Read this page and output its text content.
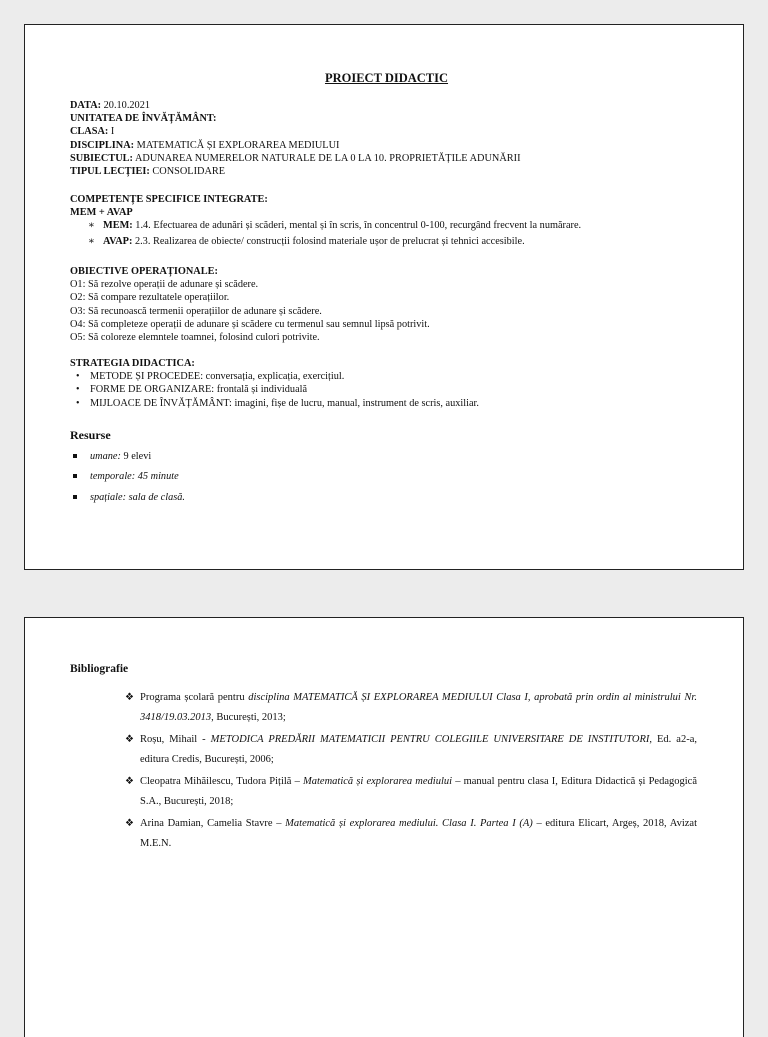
PROIECT DIDACTIC
DATA: 20.10.2021
UNITATEA DE ÎNVĂȚĂMÂNT:
CLASA: I
DISCIPLINA: MATEMATICĂ ȘI EXPLORAREA MEDIULUI
SUBIECTUL: ADUNAREA NUMERELOR NATURALE DE LA 0 LA 10. PROPRIETĂȚILE ADUNĂRII
TIPUL LECȚIEI: CONSOLIDARE
COMPETENȚE SPECIFICE INTEGRATE:
MEM + AVAP
∗ MEM: 1.4. Efectuarea de adunări și scăderi, mental și în scris, în concentrul 0-100, recurgând frecvent la numărare.
∗ AVAP: 2.3. Realizarea de obiecte/ construcții folosind materiale ușor de prelucrat și tehnici accesibile.
OBIECTIVE OPERAȚIONALE:
O1: Să rezolve operații de adunare și scădere.
O2: Să compare rezultatele operațiilor.
O3: Să recunoască termenii operațiilor de adunare și scădere.
O4: Să completeze operații de adunare și scădere cu termenul sau semnul lipsă potrivit.
O5: Să coloreze elemntele toamnei, folosind culori potrivite.
STRATEGIA DIDACTICA:
• METODE ȘI PROCEDEE: conversația, explicația, exercițiul.
• FORME DE ORGANIZARE: frontală și individuală
• MIJLOACE DE ÎNVĂȚĂMÂNT: imagini, fișe de lucru, manual, instrument de scris, auxiliar.
Resurse
umane: 9 elevi
temporale: 45 minute
spațiale: sala de clasă.
Bibliografie
❖ Programa școlară pentru disciplina MATEMATICĂ ȘI EXPLORAREA MEDIULUI Clasa I, aprobată prin ordin al ministrului Nr. 3418/19.03.2013, București, 2013;
❖ Roșu, Mihail - METODICA PREDĂRII MATEMATICII PENTRU COLEGIILE UNIVERSITARE DE INSTITUTORI, Ed. a2-a, editura Credis, București, 2006;
❖ Cleopatra Mihăilescu, Tudora Pițilă – Matematică și explorarea mediului – manual pentru clasa I, Editura Didactică și Pedagogică S.A., București, 2018;
❖ Arina Damian, Camelia Stavre – Matematică și explorarea mediului. Clasa I. Partea I (A) – editura Elicart, Argeș, 2018, Avizat M.E.N.
